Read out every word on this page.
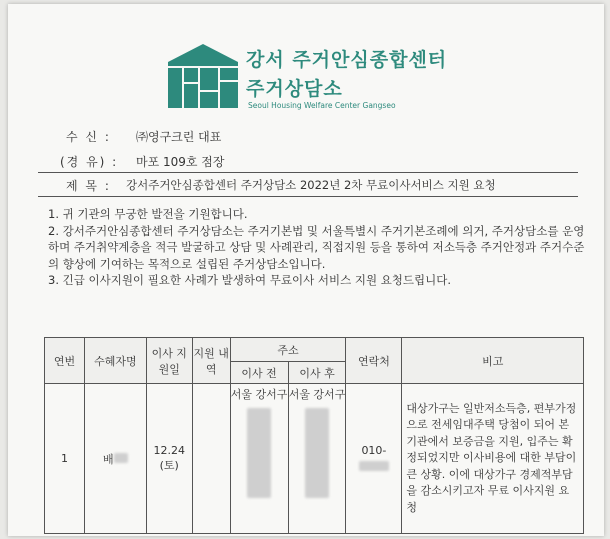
강서 주거안심종합센터
주거상담소
Seoul Housing Welfare Center Gangseo
수 신 : ㈜영구크린 대표
(경 유) : 마포 109호 점장
제 목 : 강서주거안심종합센터 주거상담소 2022년 2차 무료이사서비스 지원 요청

1. 귀 기관의 무궁한 발전을 기원합니다.

2. 강서주거안심종합센터 주거상담소는 주거기본법 및 서울특별시 주거기본조례에 의거, 주거상담소를 운영하며 주거취약계층을 적극 발굴하고 상담 및 사례관리, 직접지원 등을 통하여 저소득층 주거안정과 주거수준의 향상에 기여하는 목적으로 설립된 주거상담소입니다.

3. 긴급 이사지원이 필요한 사례가 발생하여 무료이사 서비스 지원 요청드립니다.

연번	수혜자명	이사 지원일	지원 내역	주소		연락처	비고
				이사 전	이사 후		
1	배	12.24 (토)		서울 강서구	서울 강서구	010-	대상가구는 일반저소득층, 편부가정으로 전세임대주택 당첨이 되어 본 기관에서 보증금을 지원, 입주는 확정되었지만 이사비용에 대한 부담이 큰 상황. 이에 대상가구 경제적부담을 감소시키고자 무료 이사지원 요청
